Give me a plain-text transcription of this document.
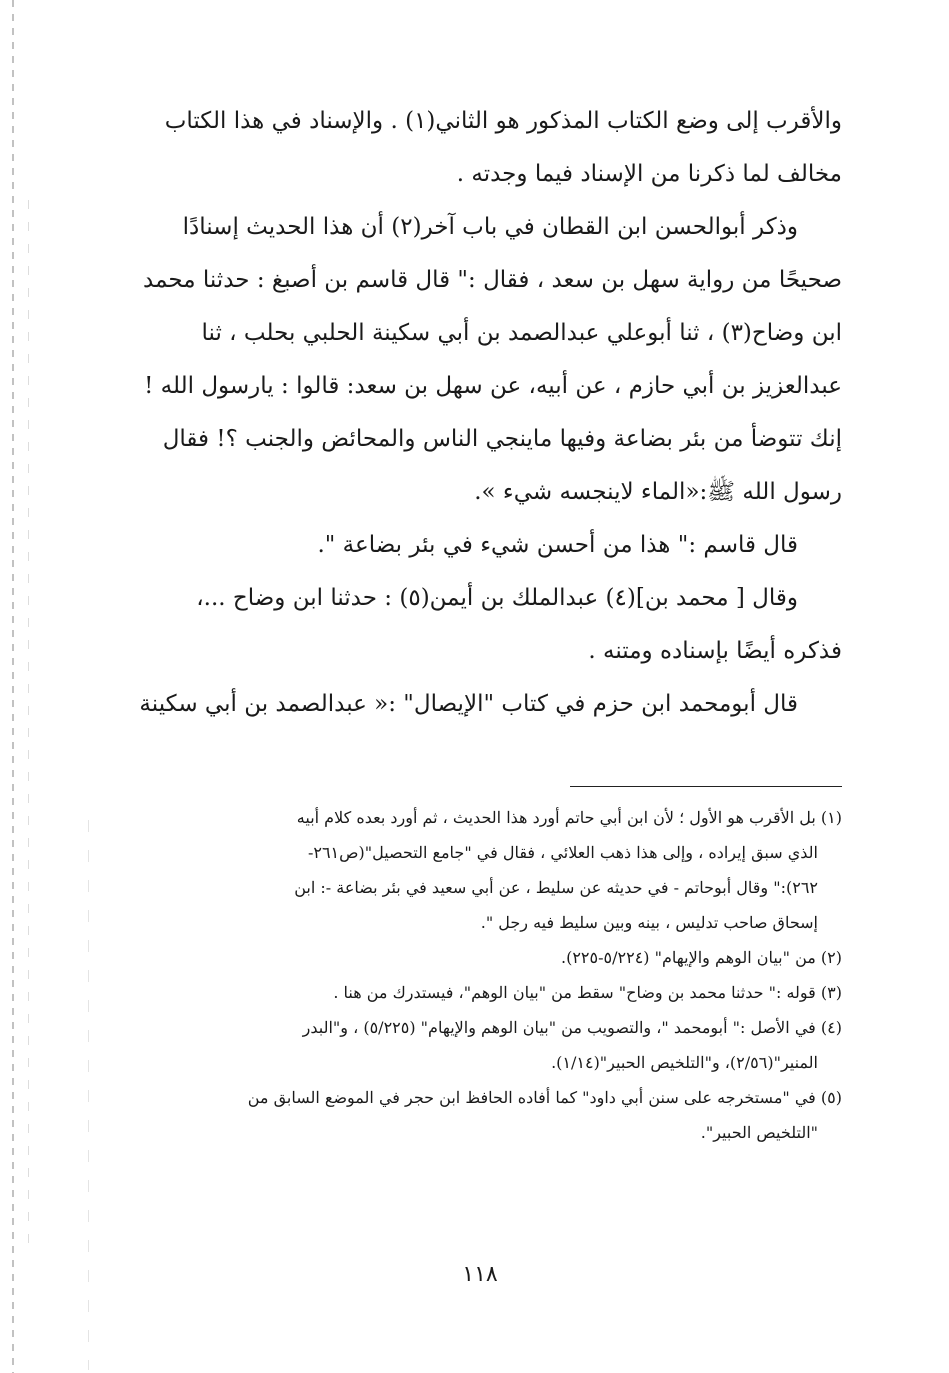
والأقرب إلى وضع الكتاب المذكور هو الثاني(١) . والإسناد في هذا الكتاب
مخالف لما ذكرنا من الإسناد فيما وجدته .
وذكر أبوالحسن ابن القطان في باب آخر(٢) أن هذا الحديث إسنادًا
صحيحًا من رواية سهل بن سعد ، فقال :" قال قاسم بن أصبغ : حدثنا محمد
ابن وضاح(٣) ، ثنا أبوعلي عبدالصمد بن أبي سكينة الحلبي بحلب ، ثنا
عبدالعزيز بن أبي حازم ، عن أبيه، عن سهل بن سعد: قالوا : يارسول الله !
إنك تتوضأ من بئر بضاعة وفيها ماينجي الناس والمحائض والجنب ؟! فقال
رسول الله ﷺ:«الماء لاينجسه شيء ».
قال قاسم :" هذا من أحسن شيء في بئر بضاعة ".
وقال [ محمد بن](٤) عبدالملك بن أيمن(٥) : حدثنا ابن وضاح ...،
فذكره أيضًا بإسناده ومتنه .
قال أبومحمد ابن حزم في كتاب "الإيصال" :« عبدالصمد بن أبي سكينة
(١) بل الأقرب هو الأول ؛ لأن ابن أبي حاتم أورد هذا الحديث ، ثم أورد بعده كلام أبيه
الذي سبق إيراده ، وإلى هذا ذهب العلائي ، فقال في "جامع التحصيل"(ص٢٦١-
٢٦٢):" وقال أبوحاتم - في حديثه عن سليط ، عن أبي سعيد في بئر بضاعة -: ابن
إسحاق صاحب تدليس ، بينه وبين سليط فيه رجل ".
(٢) من "بيان الوهم والإيهام" (٥/٢٢٤-٢٢٥).
(٣) قوله :" حدثنا محمد بن وضاح" سقط من "بيان الوهم"، فيستدرك من هنا .
(٤) في الأصل :" أبومحمد "، والتصويب من "بيان الوهم والإيهام" (٥/٢٢٥) ، و"البدر
المنير"(٢/٥٦)، و"التلخيص الحبير"(١/١٤).
(٥) في "مستخرجه على سنن أبي داود" كما أفاده الحافظ ابن حجر في الموضع السابق من
"التلخيص الحبير".
١١٨
